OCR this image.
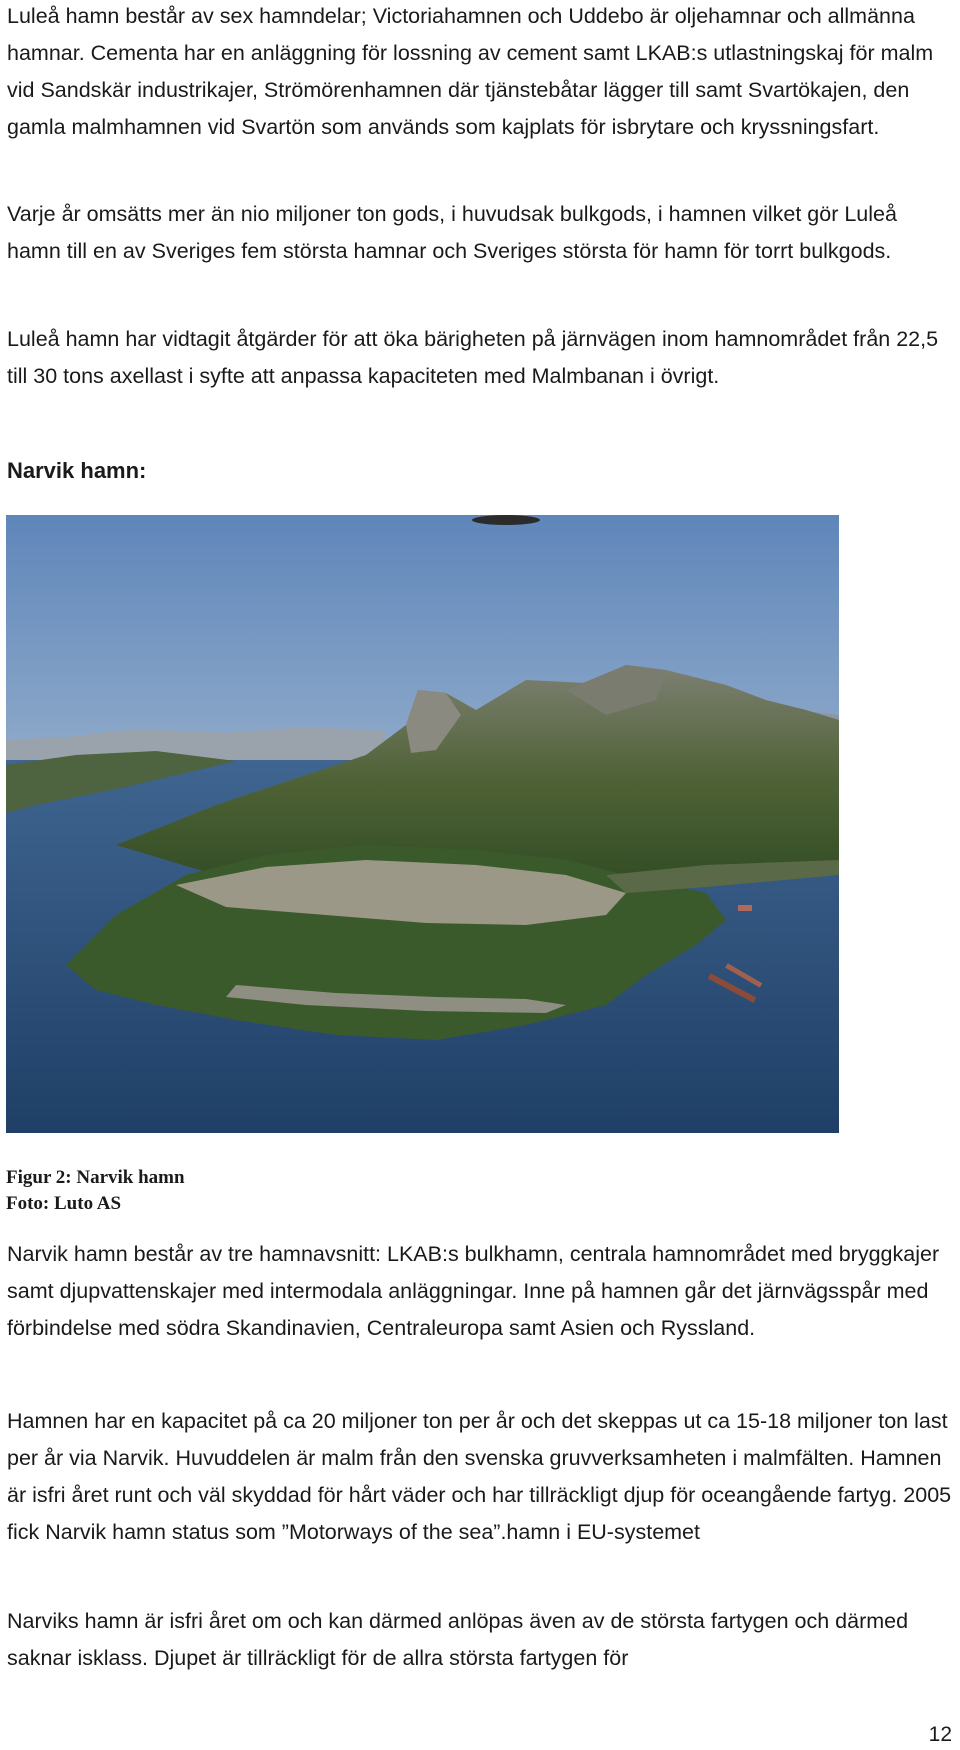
Luleå hamn består av sex hamndelar; Victoriahamnen och Uddebo är oljehamnar och allmänna hamnar. Cementa har en anläggning för lossning av cement samt LKAB:s utlastningskaj för malm vid Sandskär industrikajer, Strömörenhamnen där tjänstebåtar lägger till samt Svartökajen, den gamla malmhamnen vid Svartön som används som kajplats för isbrytare och kryssningsfart.

Varje år omsätts mer än nio miljoner ton gods, i huvudsak bulkgods, i hamnen vilket gör Luleå hamn till en av Sveriges fem största hamnar och Sveriges största för hamn för torrt bulkgods.

Luleå hamn har vidtagit åtgärder för att öka bärigheten på järnvägen inom hamnområdet från 22,5 till 30 tons axellast i syfte att anpassa kapaciteten med Malmbanan i övrigt.

Narvik hamn:

Figur 2: Narvik hamn

Foto: Luto AS

Narvik hamn består av tre hamnavsnitt: LKAB:s bulkhamn, centrala hamnområdet med bryggkajer samt djupvattenskajer med intermodala anläggningar. Inne på hamnen går det järnvägsspår med förbindelse med södra Skandinavien, Centraleuropa samt Asien och Ryssland.

Hamnen har en kapacitet på ca 20 miljoner ton per år och det skeppas ut ca 15-18 miljoner ton last per år via Narvik. Huvuddelen är malm från den svenska gruvverksamheten i malmfälten. Hamnen är isfri året runt och väl skyddad för hårt väder och har tillräckligt djup för oceangående fartyg. 2005 fick Narvik hamn status som ”Motorways of the sea”.hamn i EU-systemet

Narviks hamn är isfri året om och kan därmed anlöpas även av de största fartygen och därmed saknar isklass. Djupet är tillräckligt för de allra största fartygen för

12
